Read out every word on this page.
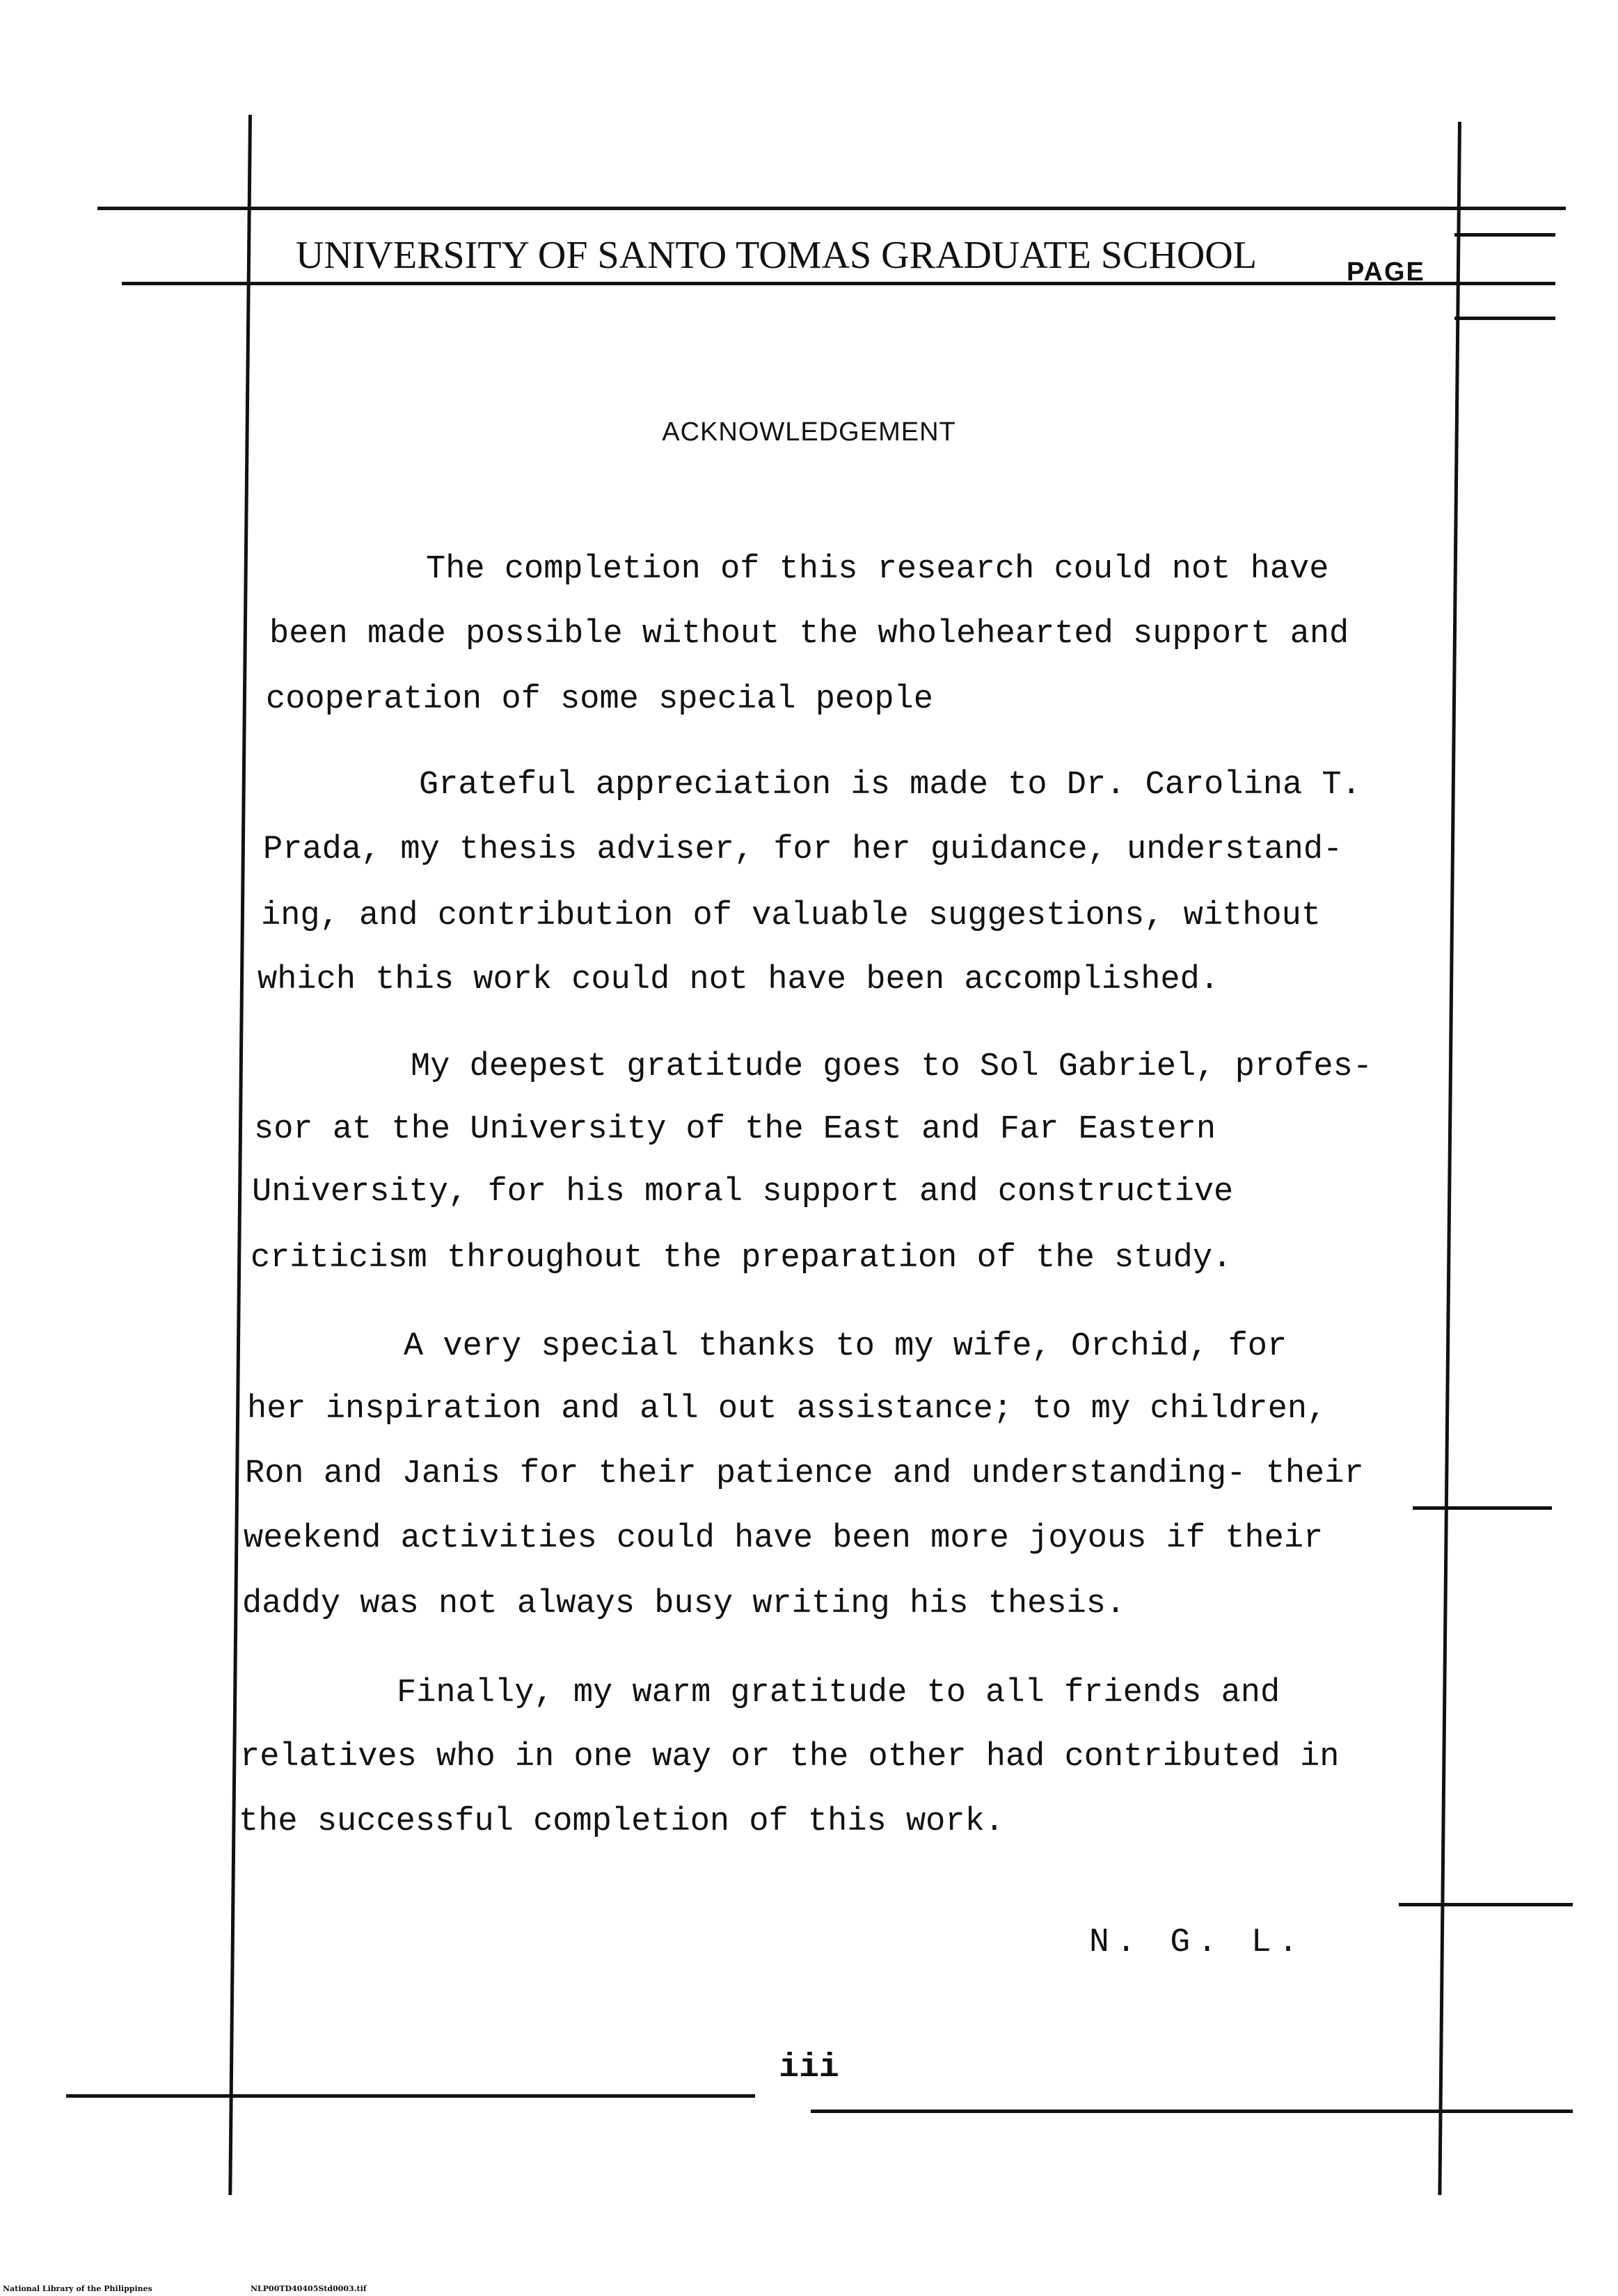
UNIVERSITY OF SANTO TOMAS GRADUATE SCHOOL	PAGE
ACKNOWLEDGEMENT
The completion of this research could not have
been made possible without the wholehearted support and
cooperation of some special people
Grateful appreciation is made to Dr. Carolina T.
Prada, my thesis adviser, for her guidance, understand-
ing, and contribution of valuable suggestions, without
which this work could not have been accomplished.
My deepest gratitude goes to Sol Gabriel, profes-
sor at the University of the East and Far Eastern
University, for his moral support and constructive
criticism throughout the preparation of the study.
A very special thanks to my wife, Orchid, for
her inspiration and all out assistance; to my children,
Ron and Janis for their patience and understanding- their
weekend activities could have been more joyous if their
daddy was not always busy writing his thesis.
Finally, my warm gratitude to all friends and
relatives who in one way or the other had contributed in
the successful completion of this work.
N. G. L.
iii
National Library of the Philippines	NLP00TD40405Std0003.tif
